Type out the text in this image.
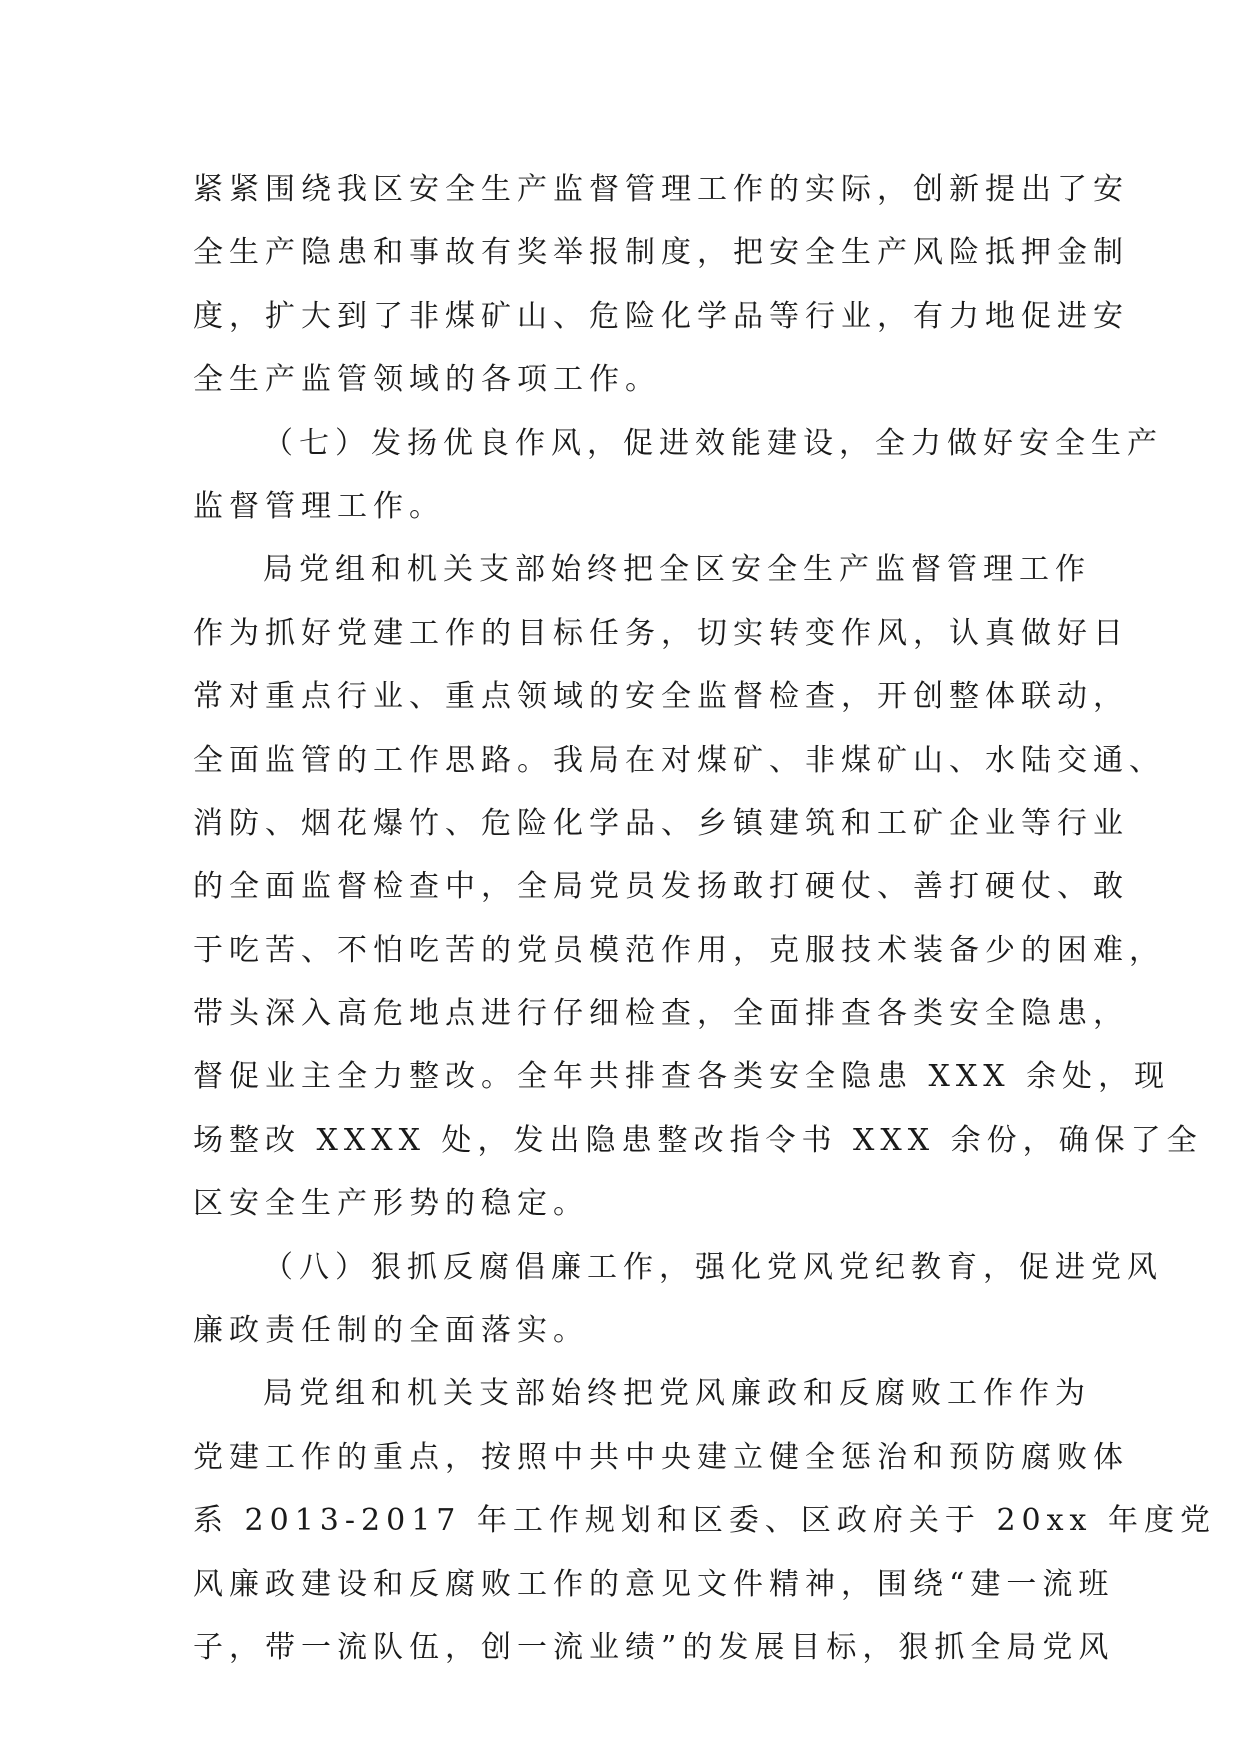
紧紧围绕我区安全生产监督管理工作的实际，创新提出了安
全生产隐患和事故有奖举报制度，把安全生产风险抵押金制
度，扩大到了非煤矿山、危险化学品等行业，有力地促进安
全生产监管领域的各项工作。
（七）发扬优良作风，促进效能建设，全力做好安全生产
监督管理工作。
局党组和机关支部始终把全区安全生产监督管理工作
作为抓好党建工作的目标任务，切实转变作风，认真做好日
常对重点行业、重点领域的安全监督检查，开创整体联动，
全面监管的工作思路。我局在对煤矿、非煤矿山、水陆交通、
消防、烟花爆竹、危险化学品、乡镇建筑和工矿企业等行业
的全面监督检查中，全局党员发扬敢打硬仗、善打硬仗、敢
于吃苦、不怕吃苦的党员模范作用，克服技术装备少的困难，
带头深入高危地点进行仔细检查，全面排查各类安全隐患，
督促业主全力整改。全年共排查各类安全隐患 XXX 余处，现
场整改 XXXX 处，发出隐患整改指令书 XXX 余份，确保了全
区安全生产形势的稳定。
（八）狠抓反腐倡廉工作，强化党风党纪教育，促进党风
廉政责任制的全面落实。
局党组和机关支部始终把党风廉政和反腐败工作作为
党建工作的重点，按照中共中央建立健全惩治和预防腐败体
系 2013-2017 年工作规划和区委、区政府关于 20xx 年度党
风廉政建设和反腐败工作的意见文件精神，围绕“建一流班
子，带一流队伍，创一流业绩”的发展目标，狠抓全局党风
